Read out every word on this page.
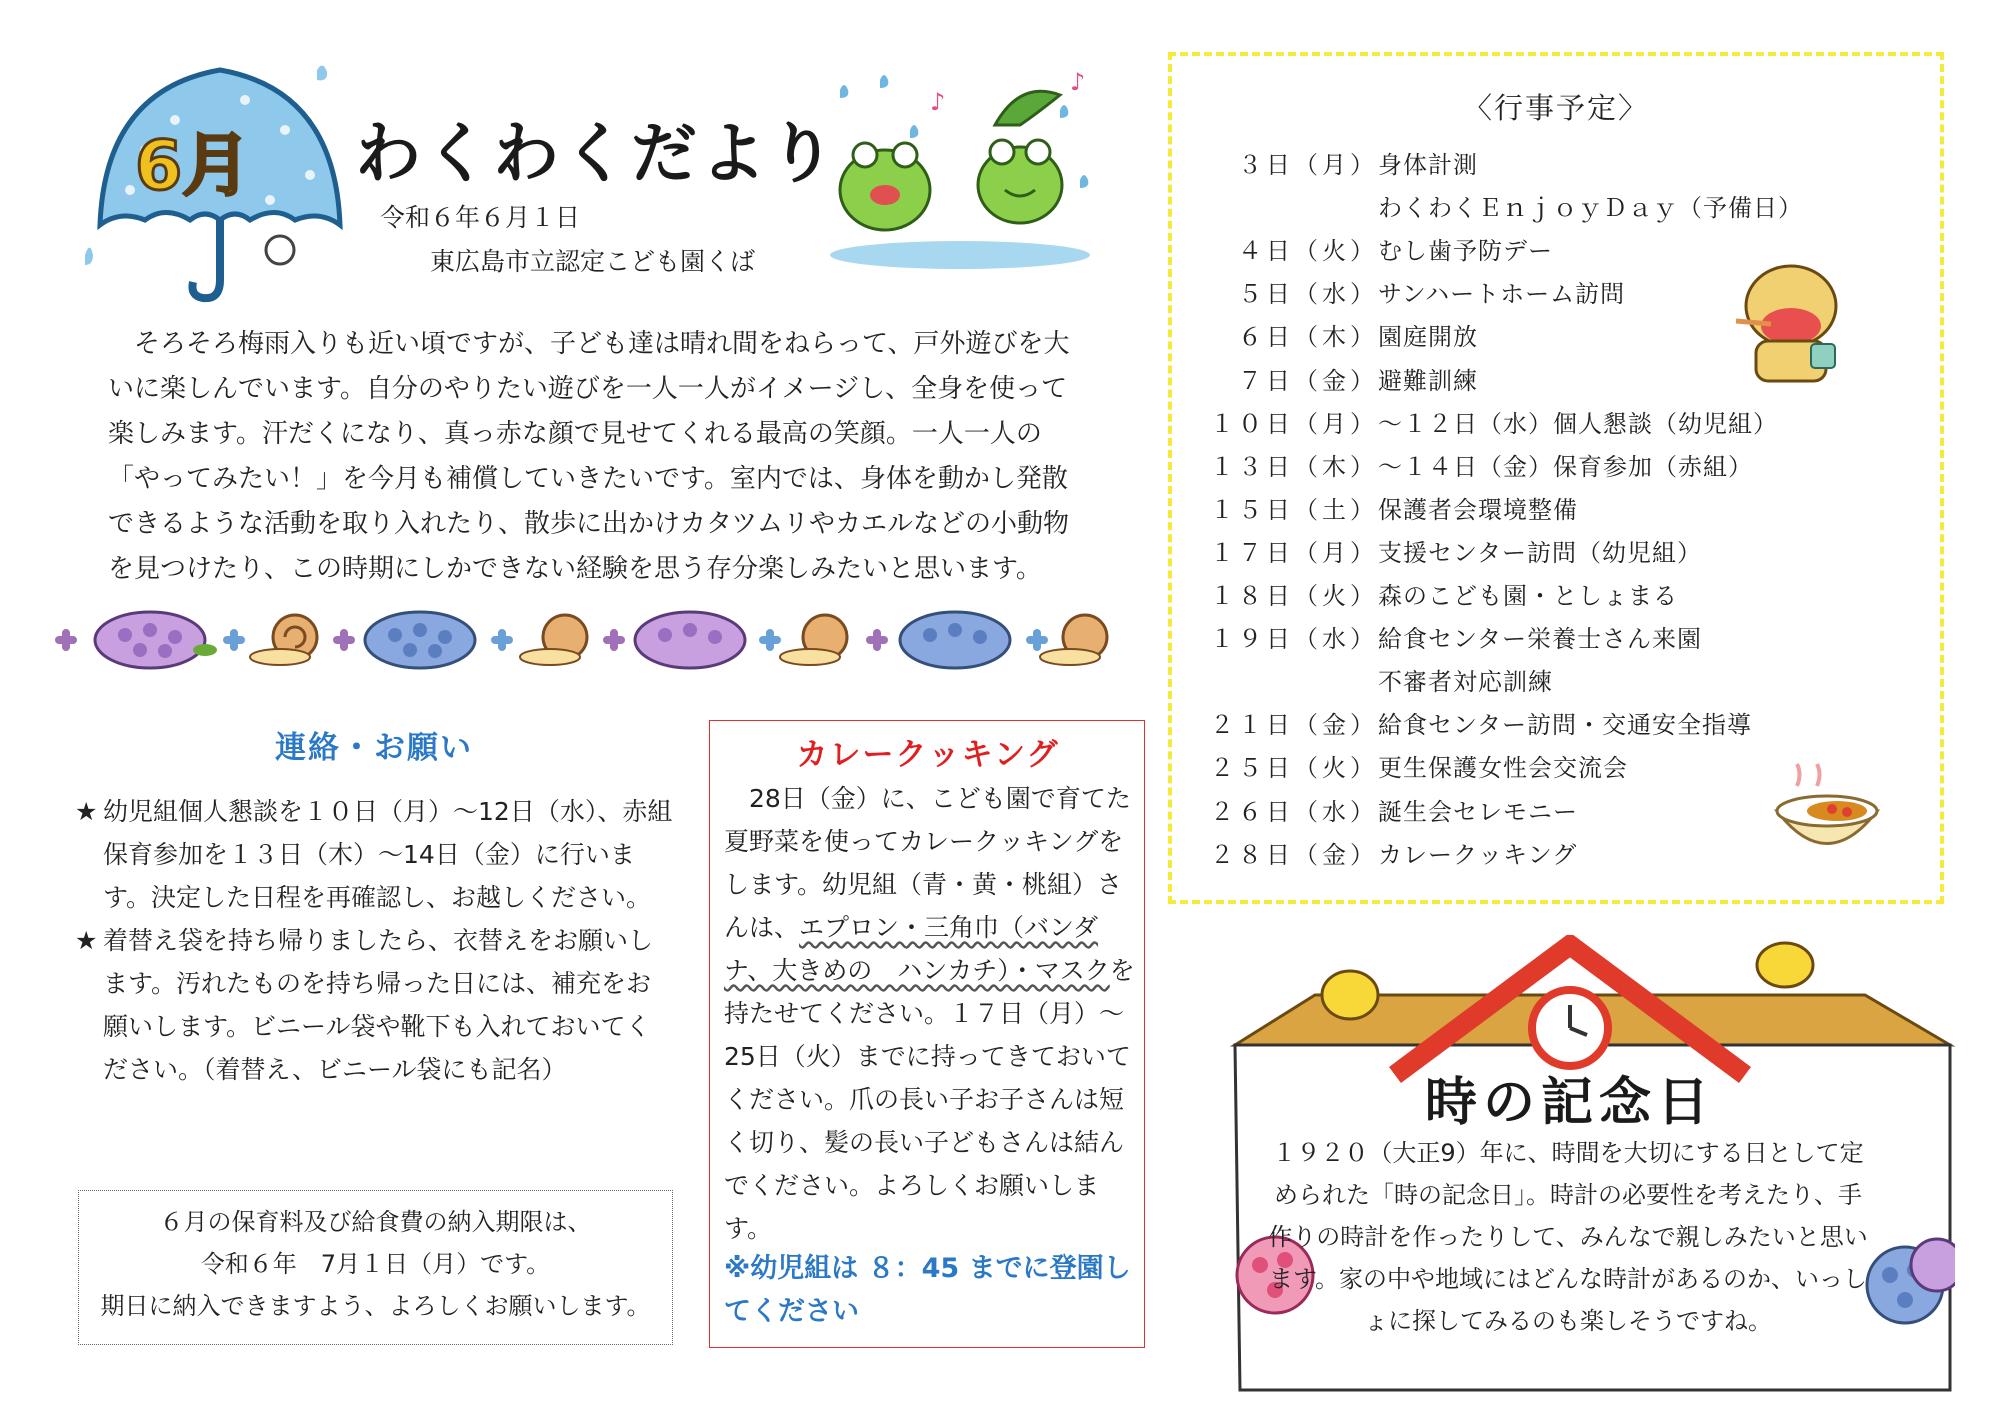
6月 わくわくだより
令和６年６月１日
東広島市立認定こども園くば
♪
♪

そろそろ梅雨入りも近い頃ですが、子ども達は晴れ間をねらって、戸外遊びを大いに楽しんでいます。自分のやりたい遊びを一人一人がイメージし、全身を使って楽しみます。汗だくになり、真っ赤な顔で見せてくれる最高の笑顔。一人一人の「やってみたい！」を今月も補償していきたいです。室内では、身体を動かし発散できるような活動を取り入れたり、散歩に出かけカタツムリやカエルなどの小動物を見つけたり、この時期にしかできない経験を思う存分楽しみたいと思います。

連絡・お願い
★ 幼児組個人懇談を１０日（月）～12日（水）、赤組保育参加を１３日（木）～14日（金）に行います。決定した日程を再確認し、お越しください。
★ 着替え袋を持ち帰りましたら、衣替えをお願いします。汚れたものを持ち帰った日には、補充をお願いします。ビニール袋や靴下も入れておいてください。（着替え、ビニール袋にも記名）
６月の保育料及び給食費の納入期限は、
令和６年　7月１日（月）です。
期日に納入できますよう、よろしくお願いします。
カレークッキング
28日（金）に、こども園で育てた夏野菜を使ってカレークッキングをします。幼児組（青・黄・桃組）さんは、エプロン・三角巾（バンダナ、大きめの　ハンカチ）・マスクを持たせてください。１７日（月）～25日（火）までに持ってきておいてください。爪の長い子お子さんは短く切り、髪の長い子どもさんは結んでください。よろしくお願いします。
※幼児組は ８：45 までに登園してください
〈行事予定〉
３日（月）身体計測
わくわくＥｎｊｏｙＤａｙ（予備日）
４日（火）むし歯予防デー
５日（水）サンハートホーム訪問
６日（木）園庭開放
７日（金）避難訓練
１０日（月）～１２日（水）個人懇談（幼児組）
１３日（木）～１４日（金）保育参加（赤組）
１５日（土）保護者会環境整備
１７日（月）支援センター訪問（幼児組）
１８日（火）森のこども園・としょまる
１９日（水）給食センター栄養士さん来園
不審者対応訓練
２１日（金）給食センター訪問・交通安全指導
２５日（火）更生保護女性会交流会
２６日（水）誕生会セレモニー
２８日（金）カレークッキング
時の記念日
１９２０（大正9）年に、時間を大切にする日として定められた「時の記念日」。時計の必要性を考えたり、手作りの時計を作ったりして、みんなで親しみたいと思います。家の中や地域にはどんな時計があるのか、いっしょに探してみるのも楽しそうですね。
